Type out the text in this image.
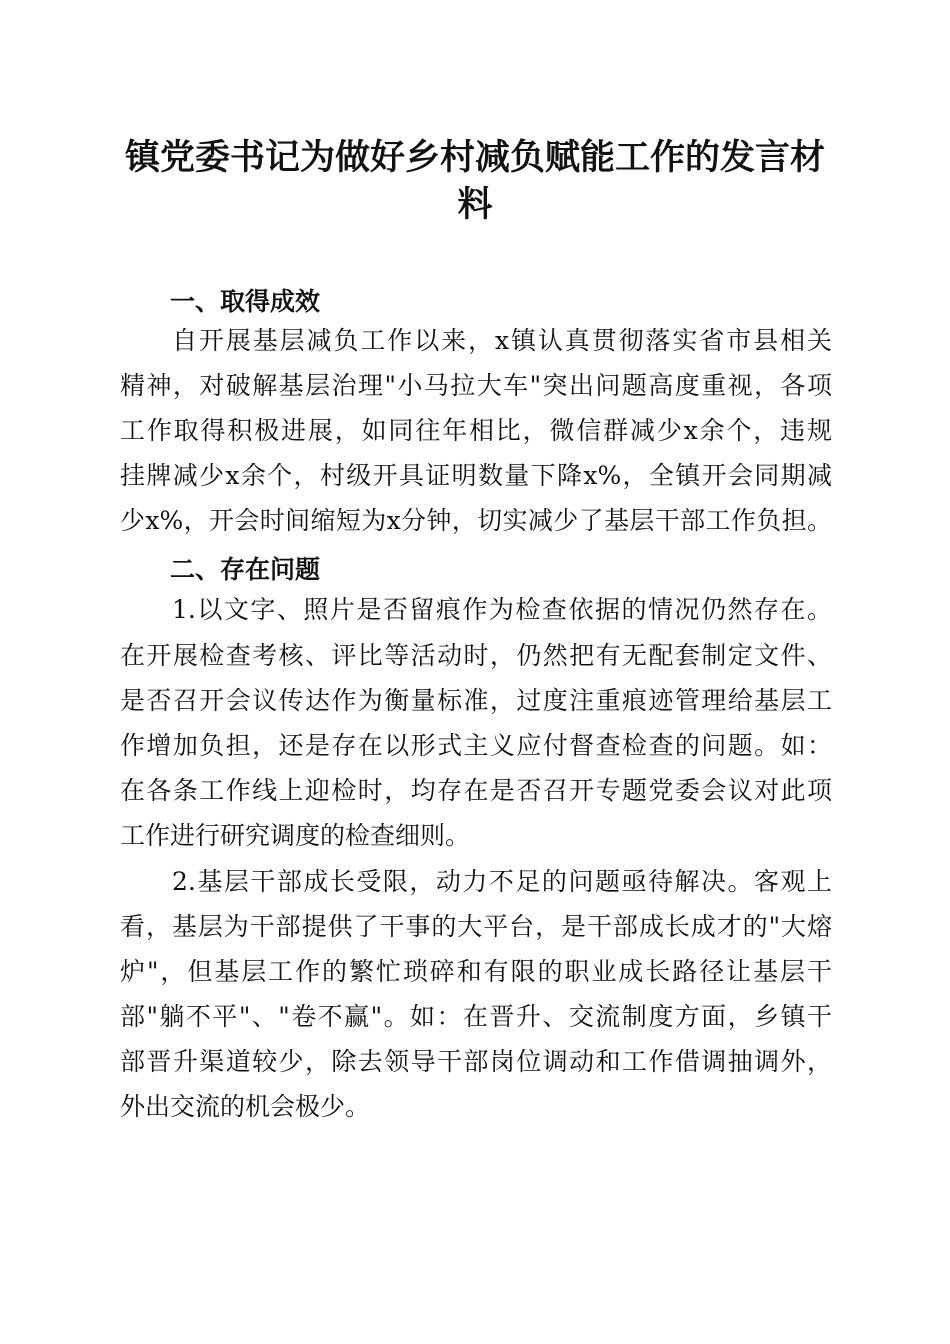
镇党委书记为做好乡村减负赋能工作的发言材
料
一、取得成效
自开展基层减负工作以来，x镇认真贯彻落实省市县相关
精神，对破解基层治理"小马拉大车"突出问题高度重视，各项
工作取得积极进展，如同往年相比，微信群减少x余个，违规
挂牌减少x余个，村级开具证明数量下降x%，全镇开会同期减
少x%，开会时间缩短为x分钟，切实减少了基层干部工作负担。
二、存在问题
1.以文字、照片是否留痕作为检查依据的情况仍然存在。
在开展检查考核、评比等活动时，仍然把有无配套制定文件、
是否召开会议传达作为衡量标准，过度注重痕迹管理给基层工
作增加负担，还是存在以形式主义应付督查检查的问题。如：
在各条工作线上迎检时，均存在是否召开专题党委会议对此项
工作进行研究调度的检查细则。
2.基层干部成长受限，动力不足的问题亟待解决。客观上
看，基层为干部提供了干事的大平台，是干部成长成才的"大熔
炉"，但基层工作的繁忙琐碎和有限的职业成长路径让基层干
部"躺不平"、"卷不赢"。如：在晋升、交流制度方面，乡镇干
部晋升渠道较少，除去领导干部岗位调动和工作借调抽调外，
外出交流的机会极少。
